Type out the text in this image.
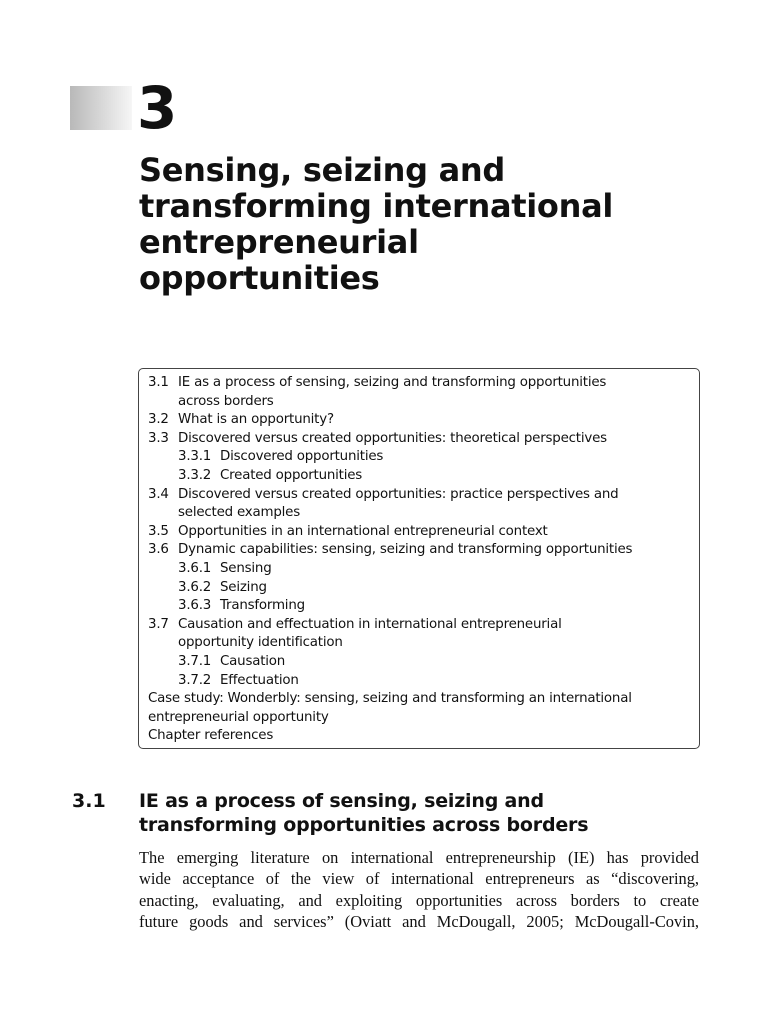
3
Sensing, seizing and
transforming international
entrepreneurial
opportunities
3.1 IE as a process of sensing, seizing and transforming opportunities
across borders
3.2 What is an opportunity?
3.3 Discovered versus created opportunities: theoretical perspectives
3.3.1 Discovered opportunities
3.3.2 Created opportunities
3.4 Discovered versus created opportunities: practice perspectives and
selected examples
3.5 Opportunities in an international entrepreneurial context
3.6 Dynamic capabilities: sensing, seizing and transforming opportunities
3.6.1 Sensing
3.6.2 Seizing
3.6.3 Transforming
3.7 Causation and effectuation in international entrepreneurial
opportunity identification
3.7.1 Causation
3.7.2 Effectuation
Case study: Wonderbly: sensing, seizing and transforming an international
entrepreneurial opportunity
Chapter references
3.1 IE as a process of sensing, seizing and
transforming opportunities across borders

The emerging literature on international entrepreneurship (IE) has provided
wide acceptance of the view of international entrepreneurs as “discovering,
enacting, evaluating, and exploiting opportunities across borders to create
future goods and services” (Oviatt and McDougall, 2005; McDougall-Covin,
